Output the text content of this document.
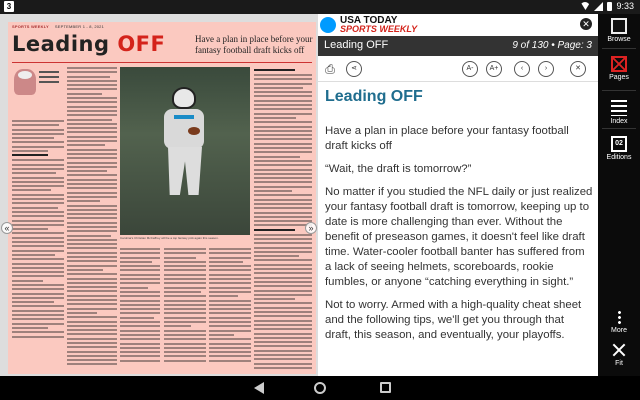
3	9:33
SPORTS WEEKLY SEPTEMBER 1 - 8, 2021
Leading OFF	Have a plan in place before your fantasy football draft kicks off
Carolina's Christian McCaffrey will be a top fantasy pick again this season.
«	»
USA TODAY
SPORTS WEEKLY	✕
Leading OFF	9 of 130 • Page: 3
⎙	⋖	A-	A+	‹	›	✕
Leading OFF

Have a plan in place before your fantasy football draft kicks off

“Wait, the draft is tomorrow?”

No matter if you studied the NFL daily or just realized your fantasy football draft is tomorrow, keeping up to date is more challenging than ever. Without the benefit of preseason games, it doesn't feel like draft time. Water-cooler football banter has suffered from a lack of seeing helmets, scoreboards, rookie fumbles, or anyone “catching everything in sight.”

Not to worry. Armed with a high-quality cheat sheet and the following tips, we'll get you through that draft, this season, and eventually, your playoffs.

Browse
Pages
Index
02
Editions
More
Fit
